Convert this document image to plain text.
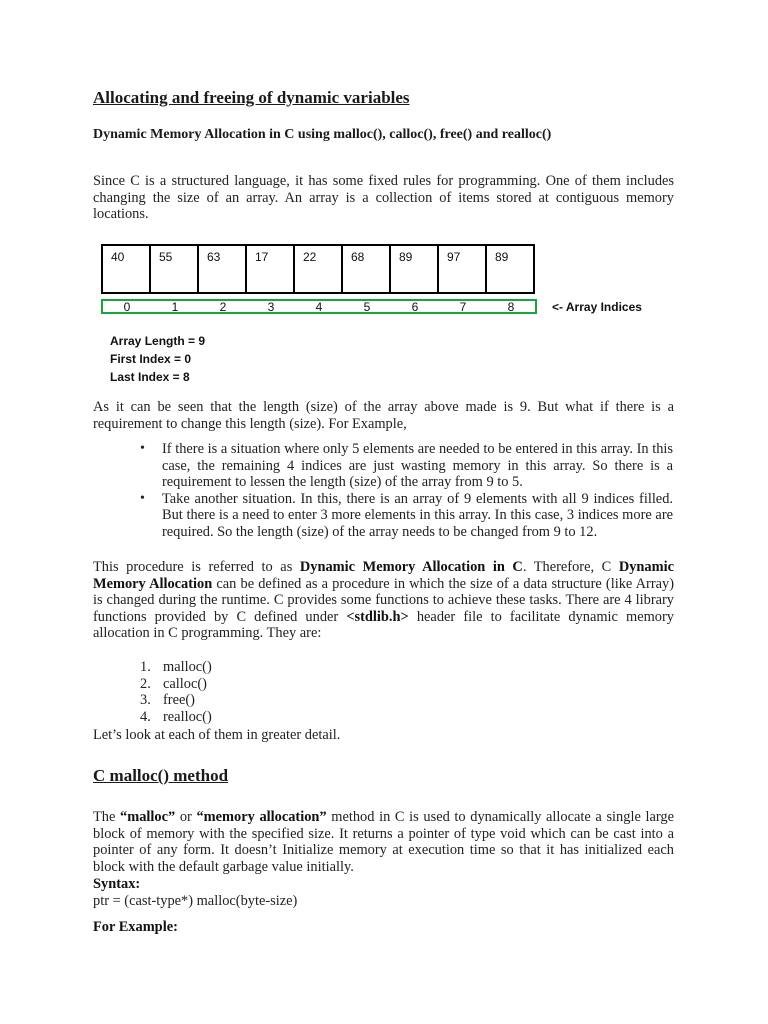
Allocating and freeing of dynamic variables
Dynamic Memory Allocation in C using malloc(), calloc(), free() and realloc()

Since C is a structured language, it has some fixed rules for programming. One of them includes changing the size of an array. An array is a collection of items stored at contiguous memory locations.

40	55	63	17	22	68	89	97	89
0	1	2	3	4	5	6	7	8	<- Array Indices
Array Length = 9
First Index = 0
Last Index = 8

As it can be seen that the length (size) of the array above made is 9. But what if there is a requirement to change this length (size). For Example,

• If there is a situation where only 5 elements are needed to be entered in this array. In this case, the remaining 4 indices are just wasting memory in this array. So there is a requirement to lessen the length (size) of the array from 9 to 5.
• Take another situation. In this, there is an array of 9 elements with all 9 indices filled. But there is a need to enter 3 more elements in this array. In this case, 3 indices more are required. So the length (size) of the array needs to be changed from 9 to 12.

This procedure is referred to as Dynamic Memory Allocation in C. Therefore, C Dynamic Memory Allocation can be defined as a procedure in which the size of a data structure (like Array) is changed during the runtime. C provides some functions to achieve these tasks. There are 4 library functions provided by C defined under <stdlib.h> header file to facilitate dynamic memory allocation in C programming. They are:

1. malloc()
2. calloc()
3. free()
4. realloc()

Let’s look at each of them in greater detail.

C malloc() method

The “malloc” or “memory allocation” method in C is used to dynamically allocate a single large block of memory with the specified size. It returns a pointer of type void which can be cast into a pointer of any form. It doesn’t Initialize memory at execution time so that it has initialized each block with the default garbage value initially.

Syntax:

ptr = (cast-type*) malloc(byte-size)

For Example:
